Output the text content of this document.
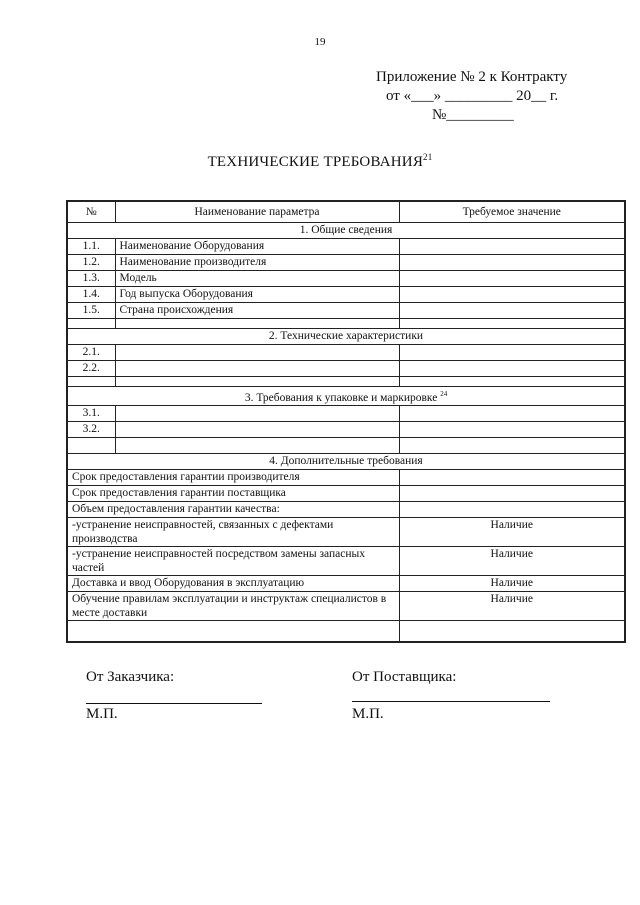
19
Приложение № 2 к Контракту
от «___» _________ 20__ г.
№_________
ТЕХНИЧЕСКИЕ ТРЕБОВАНИЯ$^{21}$
№	Наименование параметра	Требуемое значение
1. Общие сведения		
1.1.	Наименование Оборудования	
1.2.	Наименование производителя	
1.3.	Модель	
1.4.	Год выпуска Оборудования	
1.5.	Страна происхождения	

2. Технические характеристики		
2.1.		
2.2.		

3. Требования к упаковке и маркировке $^{24}$
3.1.		
3.2.		

4. Дополнительные требования		
Срок предоставления гарантии производителя		
Срок предоставления гарантии поставщика		
Объем предоставления гарантии качества:		
-устранение неисправностей, связанных с дефектами производства		Наличие
-устранение неисправностей посредством замены запасных частей		Наличие
Доставка и ввод Оборудования в эксплуатацию		Наличие
Обучение правилам эксплуатации и инструктаж специалистов в месте доставки		Наличие

От Заказчика:
М.П.
От Поставщика:
М.П.
